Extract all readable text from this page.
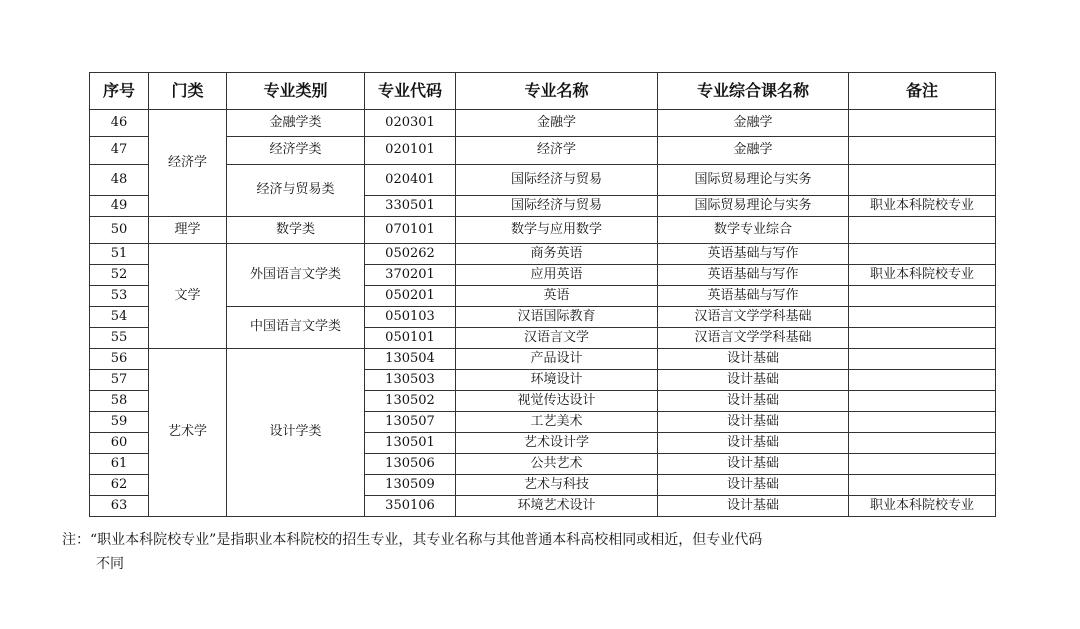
序号	门类	专业类别	专业代码	专业名称	专业综合课名称	备注
46	经济学	金融学类	020301	金融学	金融学	
47		经济学类	020101	经济学	金融学	
48		经济与贸易类	020401	国际经济与贸易	国际贸易理论与实务	
49			330501	国际经济与贸易	国际贸易理论与实务	职业本科院校专业
50	理学	数学类	070101	数学与应用数学	数学专业综合	
51	文学	外国语言文学类	050262	商务英语	英语基础与写作	
52			370201	应用英语	英语基础与写作	职业本科院校专业
53			050201	英语	英语基础与写作	
54		中国语言文学类	050103	汉语国际教育	汉语言文学学科基础	
55			050101	汉语言文学	汉语言文学学科基础	
56	艺术学	设计学类	130504	产品设计	设计基础	
57			130503	环境设计	设计基础	
58			130502	视觉传达设计	设计基础	
59			130507	工艺美术	设计基础	
60			130501	艺术设计学	设计基础	
61			130506	公共艺术	设计基础	
62			130509	艺术与科技	设计基础	
63			350106	环境艺术设计	设计基础	职业本科院校专业
注：“职业本科院校专业”是指职业本科院校的招生专业，其专业名称与其他普通本科高校相同或相近，但专业代码
不同
